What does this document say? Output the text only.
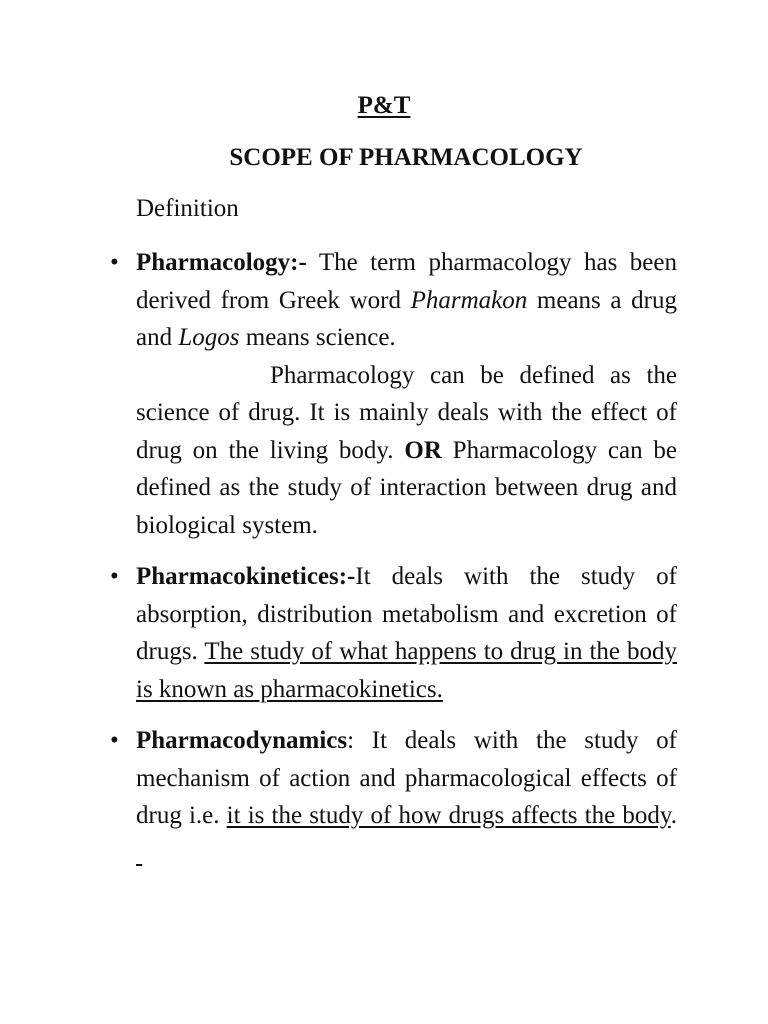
P&T
SCOPE OF PHARMACOLOGY

Definition

• Pharmacology:- The term pharmacology has been derived from Greek word Pharmakon means a drug and Logos means science.
Pharmacology can be defined as the science of drug. It is mainly deals with the effect of drug on the living body. OR Pharmacology can be defined as the study of interaction between drug and biological system.
• Pharmacokinetices:-It deals with the study of absorption, distribution metabolism and excretion of drugs. The study of what happens to drug in the body is known as pharmacokinetics.
• Pharmacodynamics: It deals with the study of mechanism of action and pharmacological effects of drug i.e. it is the study of how drugs affects the body.
